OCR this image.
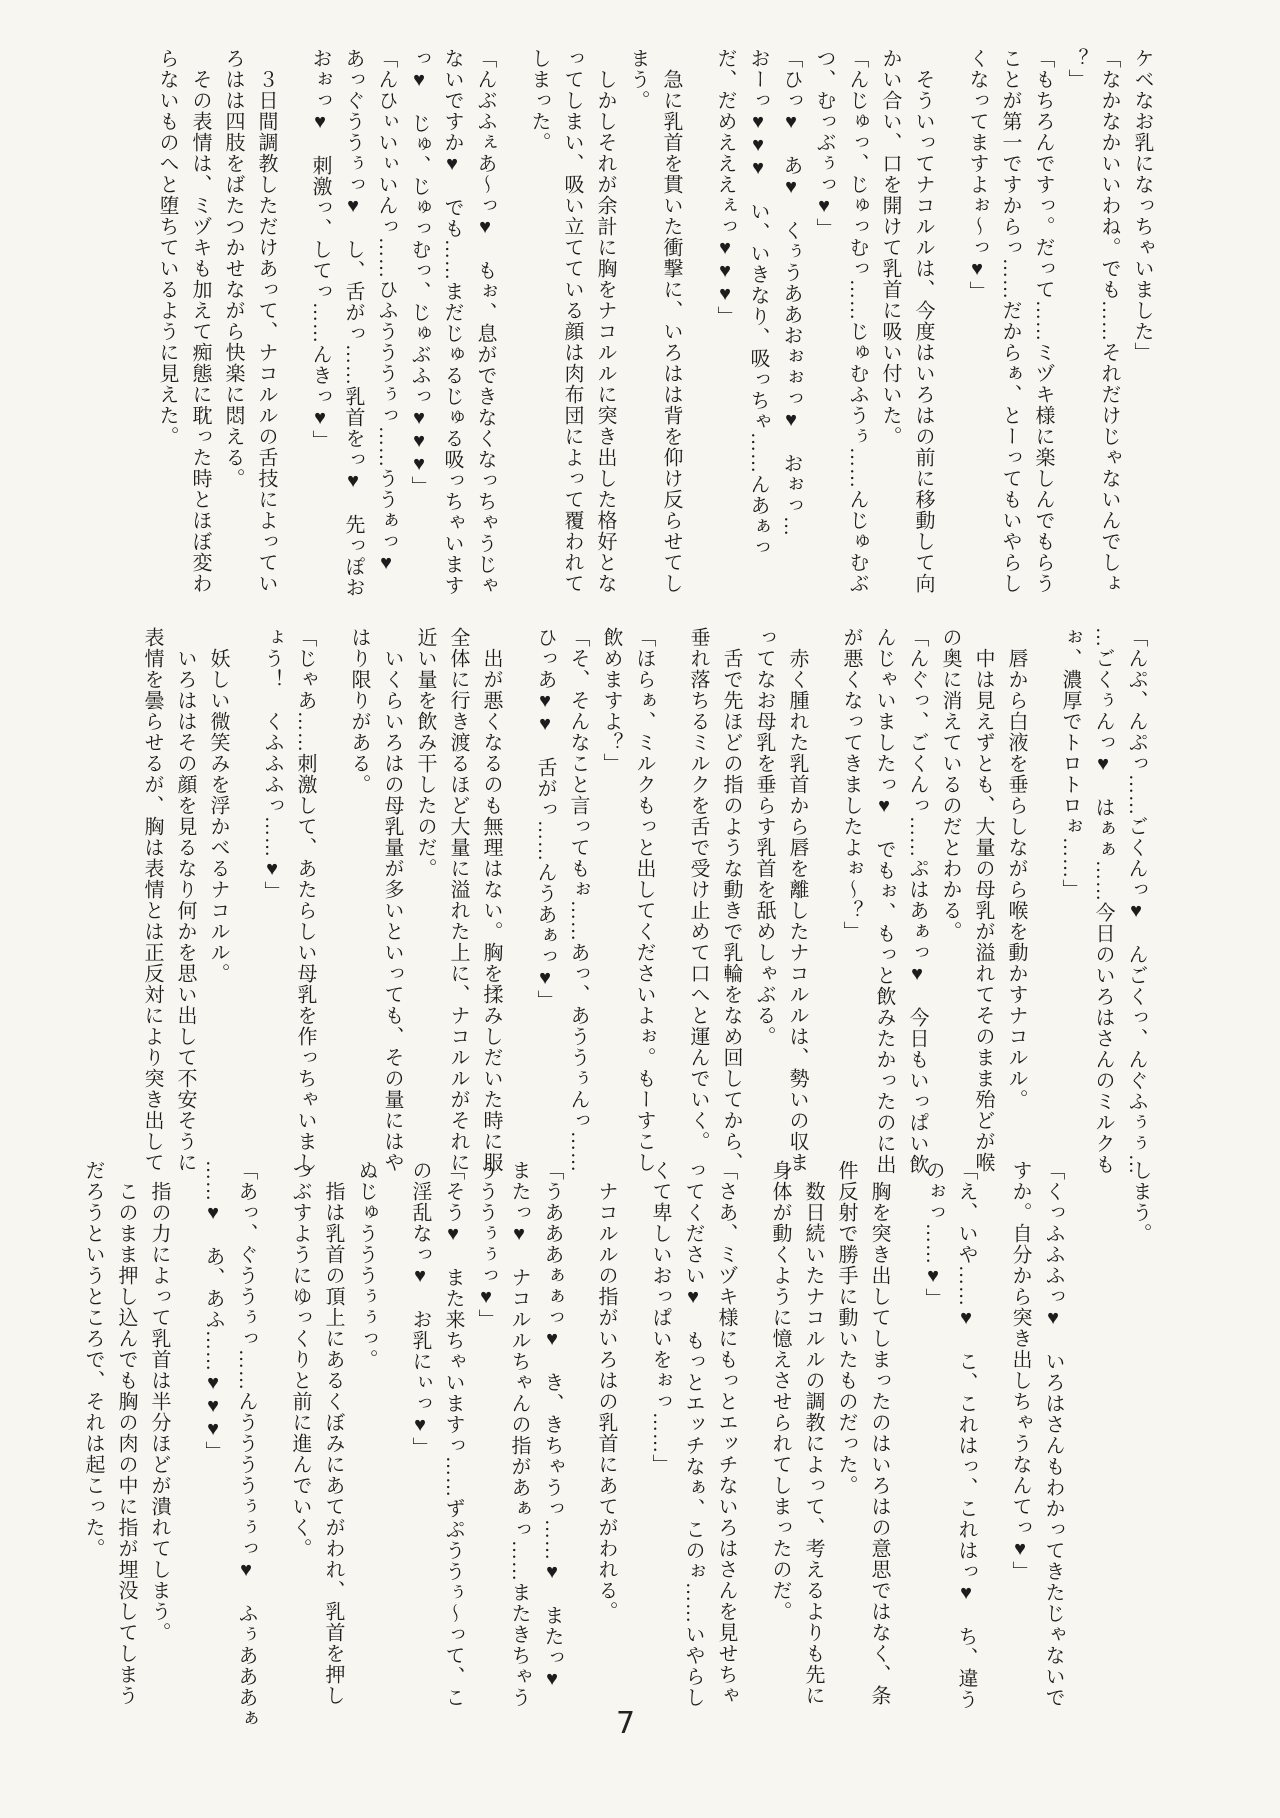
ケベなお乳になっちゃいました」

「なかなかいいわね。でも……それだけじゃないんでしょ

？」

「もちろんですっ。だって……ミヅキ様に楽しんでもらう

ことが第一ですからっ……だからぁ、とーってもいやらし

くなってますよぉ～っ♥」

そういってナコルルは、今度はいろはの前に移動して向

かい合い、口を開けて乳首に吸い付いた。

「んじゅっ、じゅっむっ……じゅむふうぅ……んじゅむぶ

つ、むっぶぅっ♥」

「ひっ♥　あ♥　くぅうああおぉぉっ♥　おぉっ…

おーっ♥♥♥　い、いきなり、吸っちゃ……んあぁっ

だ、だめえええぇっ♥♥♥」

急に乳首を貫いた衝撃に、いろはは背を仰け反らせてし

まう。

しかしそれが余計に胸をナコルルに突き出した格好とな

ってしまい、吸い立てている顔は肉布団によって覆われて

しまった。

「んぶふぇあ～っ♥　もぉ、息ができなくなっちゃうじゃ

ないですか♥　でも……まだじゅるじゅる吸っちゃいます

っ♥　じゅ、じゅっむっ、じゅぶふっ♥♥♥」

「んひぃいぃいんっ……ひふうううぅっ……ううぁっ♥

あっぐううぅっ♥　し、舌がっ……乳首をっ♥　先っぽお

おぉっ♥　刺激っ、してっ……んきっ♥」

３日間調教しただけあって、ナコルルの舌技によってい

ろはは四肢をばたつかせながら快楽に悶える。

その表情は、ミヅキも加えて痴態に耽った時とほぼ変わ

らないものへと堕ちているように見えた。

「んぷ、んぷっ……ごくんっ♥　んごくっ、んぐふぅぅ…

…ごくぅんっ♥　はぁぁ……今日のいろはさんのミルクも

ぉ、濃厚でトロトロぉ……」

唇から白液を垂らしながら喉を動かすナコルル。

中は見えずとも、大量の母乳が溢れてそのまま殆どが喉

の奥に消えているのだとわかる。

「んぐっ、ごくんっ……ぷはあぁっ♥　今日もいっぱい飲

んじゃいましたっ♥　でもぉ、もっと飲みたかったのに出

が悪くなってきましたよぉ～？」

赤く腫れた乳首から唇を離したナコルルは、勢いの収ま

ってなお母乳を垂らす乳首を舐めしゃぶる。

舌で先ほどの指のような動きで乳輪をなめ回してから、

垂れ落ちるミルクを舌で受け止めて口へと運んでいく。

「ほらぁ、ミルクもっと出してくださいよぉ。もーすこし

飲めますよ？」

「そ、そんなこと言ってもぉ……あっ、あううぅんっ……

ひっあ♥♥　舌がっ……んうあぁっ♥」

出が悪くなるのも無理はない。胸を揉みしだいた時に服

全体に行き渡るほど大量に溢れた上に、ナコルルがそれに

近い量を飲み干したのだ。

いくらいろはの母乳量が多いといっても、その量にはや

はり限りがある。

「じゃあ……刺激して、あたらしい母乳を作っちゃいまし

ょう！　くふふふっ……♥」

妖しい微笑みを浮かべるナコルル。

いろははその顔を見るなり何かを思い出して不安そうに

表情を曇らせるが、胸は表情とは正反対により突き出して

しまう。

「くっふふふっ♥　いろはさんもわかってきたじゃないで

すか。自分から突き出しちゃうなんてっ♥」

「え、いや……♥　こ、これはっ、これはっ♥　ち、違う

のぉっ……♥」

胸を突き出してしまったのはいろはの意思ではなく、条

件反射で勝手に動いたものだった。

数日続いたナコルルの調教によって、考えるよりも先に

身体が動くように憶えさせられてしまったのだ。

「さあ、ミヅキ様にもっとエッチないろはさんを見せちゃ

ってください♥　もっとエッチなぁ、このぉ……いやらし

くて卑しいおっぱいをぉっ……」

ナコルルの指がいろはの乳首にあてがわれる。

「うあああぁぁっ♥　き、きちゃうっ……♥　またっ♥

またっ♥　ナコルルちゃんの指があぁっ……またきちゃう

うううぅぅっ♥」

「そう♥　また来ちゃいますっ……ずぷううぅ～って、こ

の淫乱なっ♥　お乳にぃっ♥」

ぬじゅうううぅぅっ。

指は乳首の頂上にあるくぼみにあてがわれ、乳首を押し

つぶすようにゆっくりと前に進んでいく。

「あっ、ぐううぅっ……んううううぅぅっ♥　ふぅあああぁ

……♥　あ、あふ……♥♥♥」

指の力によって乳首は半分ほどが潰れてしまう。

このまま押し込んでも胸の肉の中に指が埋没してしまう

だろうというところで、それは起こった。

7
